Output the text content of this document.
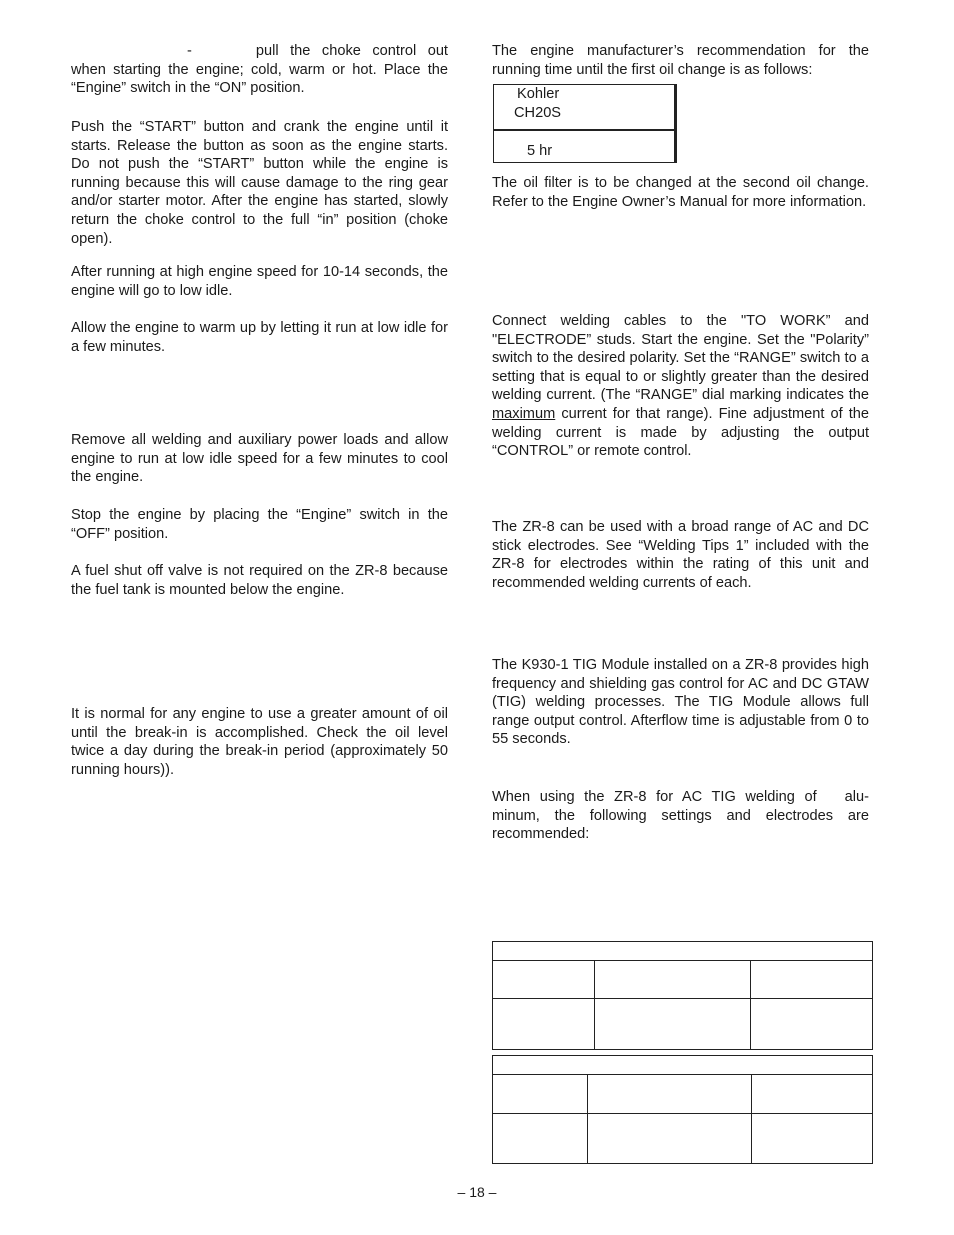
-	pull the choke control out when starting the engine; cold, warm or hot. Place the “Engine” switch in the “ON” position.

Push the “START” button and crank the engine until it starts. Release the button as soon as the engine starts. Do not push the “START” button while the engine is running because this will cause damage to the ring gear and/or starter motor. After the engine has started, slowly return the choke control to the full “in” position (choke open).

After running at high engine speed for 10-14 seconds, the engine will go to low idle.

Allow the engine to warm up by letting it run at low idle for a few minutes.

Remove all welding and auxiliary power loads and allow engine to run at low idle speed for a few minutes to cool the engine.

Stop the engine by placing the “Engine” switch in the “OFF” position.

A fuel shut off valve is not required on the ZR-8 because the fuel tank is mounted below the engine.

It is normal for any engine to use a greater amount of oil until the break-in is accomplished. Check the oil level twice a day during the break-in period (approximately 50 running hours)).

The engine manufacturer’s recommendation for the running time until the first oil change is as follows:

Kohler
CH20S
5 hr

The oil filter is to be changed at the second oil change. Refer to the Engine Owner’s Manual for more information.

Connect welding cables to the "TO WORK” and "ELECTRODE” studs. Start the engine. Set the "Polarity” switch to the desired polarity. Set the “RANGE” switch to a setting that is equal to or slightly greater than the desired welding current. (The “RANGE” dial marking indicates the maximum current for that range). Fine adjustment of the welding current is made by adjusting the output “CONTROL” or remote control.

The ZR-8 can be used with a broad range of AC and DC stick electrodes. See “Welding Tips 1” included with the ZR-8 for electrodes within the rating of this unit and recommended welding currents of each.

The K930-1 TIG Module installed on a ZR-8 provides high frequency and shielding gas control for AC and DC GTAW (TIG) welding processes. The TIG Module allows full range output control. Afterflow time is adjustable from 0 to 55 seconds.

When using the ZR-8 for AC TIG welding of alu-minum, the following settings and electrodes are recommended:

– 18 –
